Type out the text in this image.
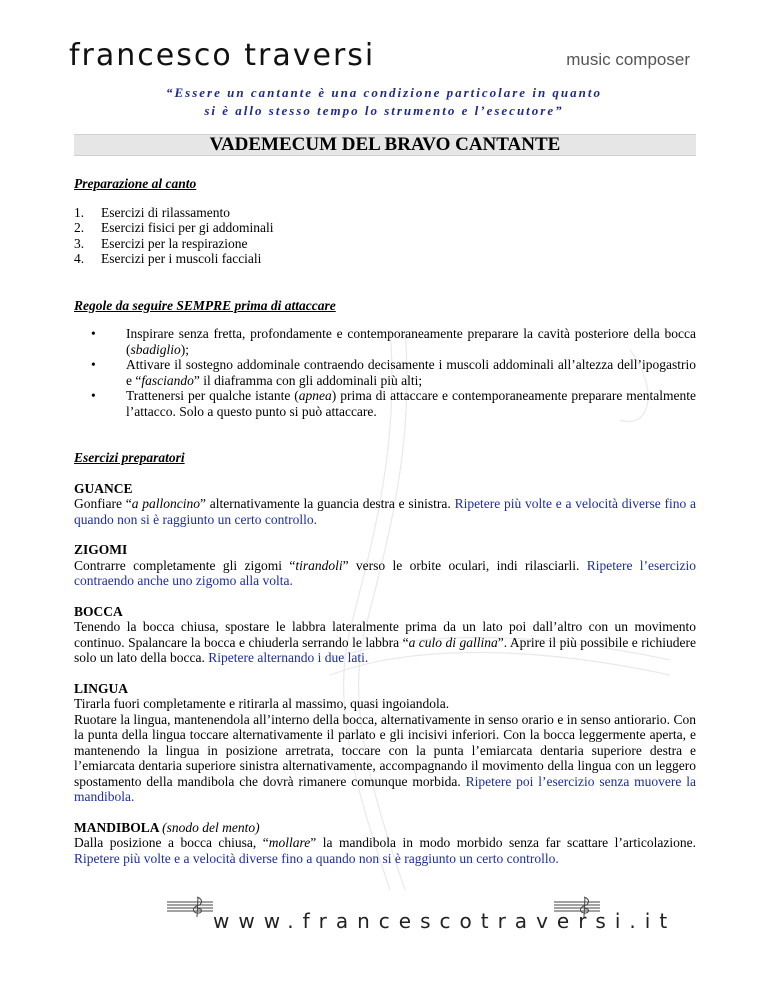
francesco traversi	music composer
“Essere un cantante è una condizione particolare in quanto
si è allo stesso tempo lo strumento e l’esecutore”
VADEMECUM DEL BRAVO CANTANTE
Preparazione al canto
1.	Esercizi di rilassamento
2.	Esercizi fisici per gi addominali
3.	Esercizi per la respirazione
4.	Esercizi per i muscoli facciali
Regole da seguire SEMPRE prima di attaccare
•	Inspirare senza fretta, profondamente e contemporaneamente preparare la cavità posteriore della bocca (sbadiglio);
•	Attivare il sostegno addominale contraendo decisamente i muscoli addominali all’altezza dell’ipogastrio e “fasciando” il diaframma con gli addominali più alti;
•	Trattenersi per qualche istante (apnea) prima di attaccare e contemporaneamente preparare mentalmente l’attacco. Solo a questo punto si può attaccare.
Esercizi preparatori
GUANCE
Gonfiare “a palloncino” alternativamente la guancia destra e sinistra. Ripetere più volte e a velocità diverse fino a quando non si è raggiunto un certo controllo.
ZIGOMI
Contrarre completamente gli zigomi “tirandoli” verso le orbite oculari, indi rilasciarli. Ripetere l’esercizio contraendo anche uno zigomo alla volta.
BOCCA
Tenendo la bocca chiusa, spostare le labbra lateralmente prima da un lato poi dall’altro con un movimento continuo. Spalancare la bocca e chiuderla serrando le labbra “a culo di gallina”. Aprire il più possibile e richiudere solo un lato della bocca. Ripetere alternando i due lati.
LINGUA
Tirarla fuori completamente e ritirarla al massimo, quasi ingoiandola.
Ruotare la lingua, mantenendola all’interno della bocca, alternativamente in senso orario e in senso antiorario. Con la punta della lingua toccare alternativamente il parlato e gli incisivi inferiori. Con la bocca leggermente aperta, e mantenendo la lingua in posizione arretrata, toccare con la punta l’emiarcata dentaria superiore destra e l’emiarcata dentaria superiore sinistra alternativamente, accompagnando il movimento della lingua con un leggero spostamento della mandibola che dovrà rimanere comunque morbida. Ripetere poi l’esercizio senza muovere la mandibola.
MANDIBOLA (snodo del mento)
Dalla posizione a bocca chiusa, “mollare” la mandibola in modo morbido senza far scattare l’articolazione. Ripetere più volte e a velocità diverse fino a quando non si è raggiunto un certo controllo.
www.francescotraversi.it
